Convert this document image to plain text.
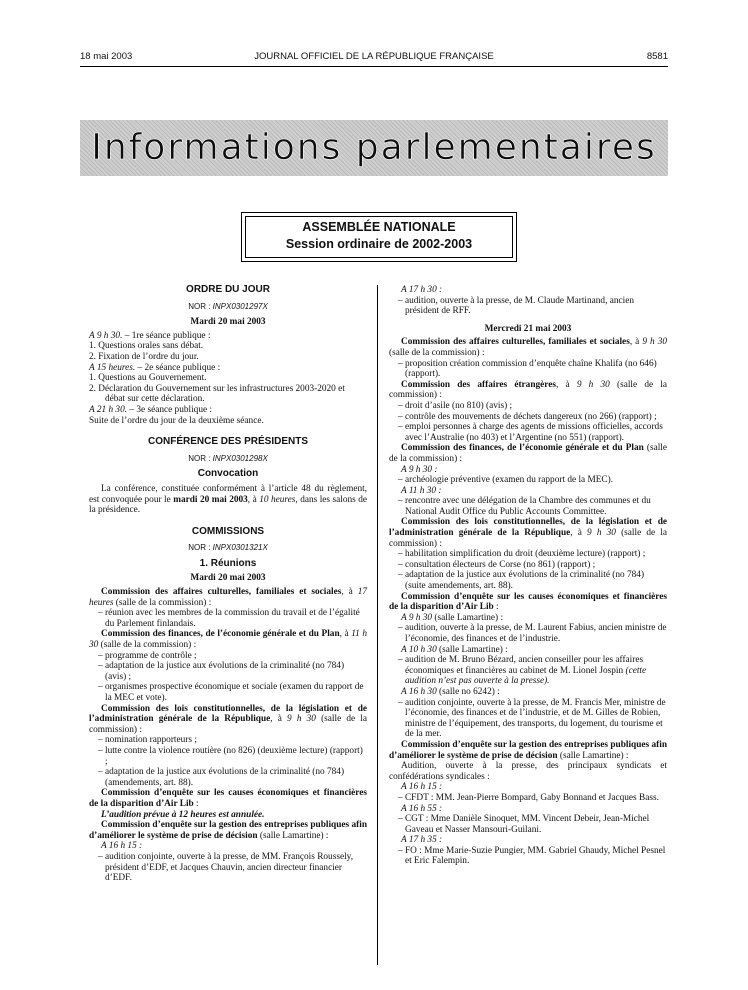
18 mai 2003	JOURNAL OFFICIEL DE LA RÉPUBLIQUE FRANÇAISE	8581
Informations parlementaires
ASSEMBLÉE NATIONALE
Session ordinaire de 2002-2003
ORDRE DU JOUR
NOR : INPX0301297X
Mardi 20 mai 2003

A 9 h 30. – 1re séance publique :

1. Questions orales sans débat.

2. Fixation de l’ordre du jour.

A 15 heures. – 2e séance publique :

1. Questions au Gouvernement.

2. Déclaration du Gouvernement sur les infrastructures 2003-2020 et débat sur cette déclaration.

A 21 h 30. – 3e séance publique :

Suite de l’ordre du jour de la deuxième séance.

CONFÉRENCE DES PRÉSIDENTS
NOR : INPX0301298X
Convocation

La conférence, constituée conformément à l’article 48 du règlement, est convoquée pour le mardi 20 mai 2003, à 10 heures, dans les salons de la présidence.

COMMISSIONS
NOR : INPX0301321X
1. Réunions
Mardi 20 mai 2003

Commission des affaires culturelles, familiales et sociales, à 17 heures (salle de la commission) :

– réunion avec les membres de la commission du travail et de l’égalité du Parlement finlandais.

Commission des finances, de l’économie générale et du Plan, à 11 h 30 (salle de la commission) :

– programme de contrôle ;

– adaptation de la justice aux évolutions de la criminalité (no 784) (avis) ;

– organismes prospective économique et sociale (examen du rapport de la MEC et vote).

Commission des lois constitutionnelles, de la législation et de l’administration générale de la République, à 9 h 30 (salle de la commission) :

– nomination rapporteurs ;

– lutte contre la violence routière (no 826) (deuxième lecture) (rapport) ;

– adaptation de la justice aux évolutions de la criminalité (no 784) (amendements, art. 88).

Commission d’enquête sur les causes économiques et financières de la disparition d’Air Lib :

L’audition prévue à 12 heures est annulée.

Commission d’enquête sur la gestion des entreprises publiques afin d’améliorer le système de prise de décision (salle Lamartine) :

A 16 h 15 :

– audition conjointe, ouverte à la presse, de MM. François Roussely, président d’EDF, et Jacques Chauvin, ancien directeur financier d’EDF.

A 17 h 30 :

– audition, ouverte à la presse, de M. Claude Martinand, ancien président de RFF.

Mercredi 21 mai 2003

Commission des affaires culturelles, familiales et sociales, à 9 h 30 (salle de la commission) :

– proposition création commission d’enquête chaîne Khalifa (no 646) (rapport).

Commission des affaires étrangères, à 9 h 30 (salle de la commission) :

– droit d’asile (no 810) (avis) ;

– contrôle des mouvements de déchets dangereux (no 266) (rapport) ;

– emploi personnes à charge des agents de missions officielles, accords avec l’Australie (no 403) et l’Argentine (no 551) (rapport).

Commission des finances, de l’économie générale et du Plan (salle de la commission) :

A 9 h 30 :

– archéologie préventive (examen du rapport de la MEC).

A 11 h 30 :

– rencontre avec une délégation de la Chambre des communes et du National Audit Office du Public Accounts Committee.

Commission des lois constitutionnelles, de la législation et de l’administration générale de la République, à 9 h 30 (salle de la commission) :

– habilitation simplification du droit (deuxième lecture) (rapport) ;

– consultation électeurs de Corse (no 861) (rapport) ;

– adaptation de la justice aux évolutions de la criminalité (no 784) (suite amendements, art. 88).

Commission d’enquête sur les causes économiques et financières de la disparition d’Air Lib :

A 9 h 30 (salle Lamartine) :

– audition, ouverte à la presse, de M. Laurent Fabius, ancien ministre de l’économie, des finances et de l’industrie.

A 10 h 30 (salle Lamartine) :

– audition de M. Bruno Bézard, ancien conseiller pour les affaires économiques et financières au cabinet de M. Lionel Jospin (cette audition n’est pas ouverte à la presse).

A 16 h 30 (salle no 6242) :

– audition conjointe, ouverte à la presse, de M. Francis Mer, ministre de l’économie, des finances et de l’industrie, et de M. Gilles de Robien, ministre de l’équipement, des transports, du logement, du tourisme et de la mer.

Commission d’enquête sur la gestion des entreprises publiques afin d’améliorer le système de prise de décision (salle Lamartine) :

Audition, ouverte à la presse, des principaux syndicats et confédérations syndicales :

A 16 h 15 :

– CFDT : MM. Jean-Pierre Bompard, Gaby Bonnand et Jacques Bass.

A 16 h 55 :

– CGT : Mme Danièle Sinoquet, MM. Vincent Debeir, Jean-Michel Gaveau et Nasser Mansouri-Guilani.

A 17 h 35 :

– FO : Mme Marie-Suzie Pungier, MM. Gabriel Ghaudy, Michel Pesnel et Eric Falempin.
